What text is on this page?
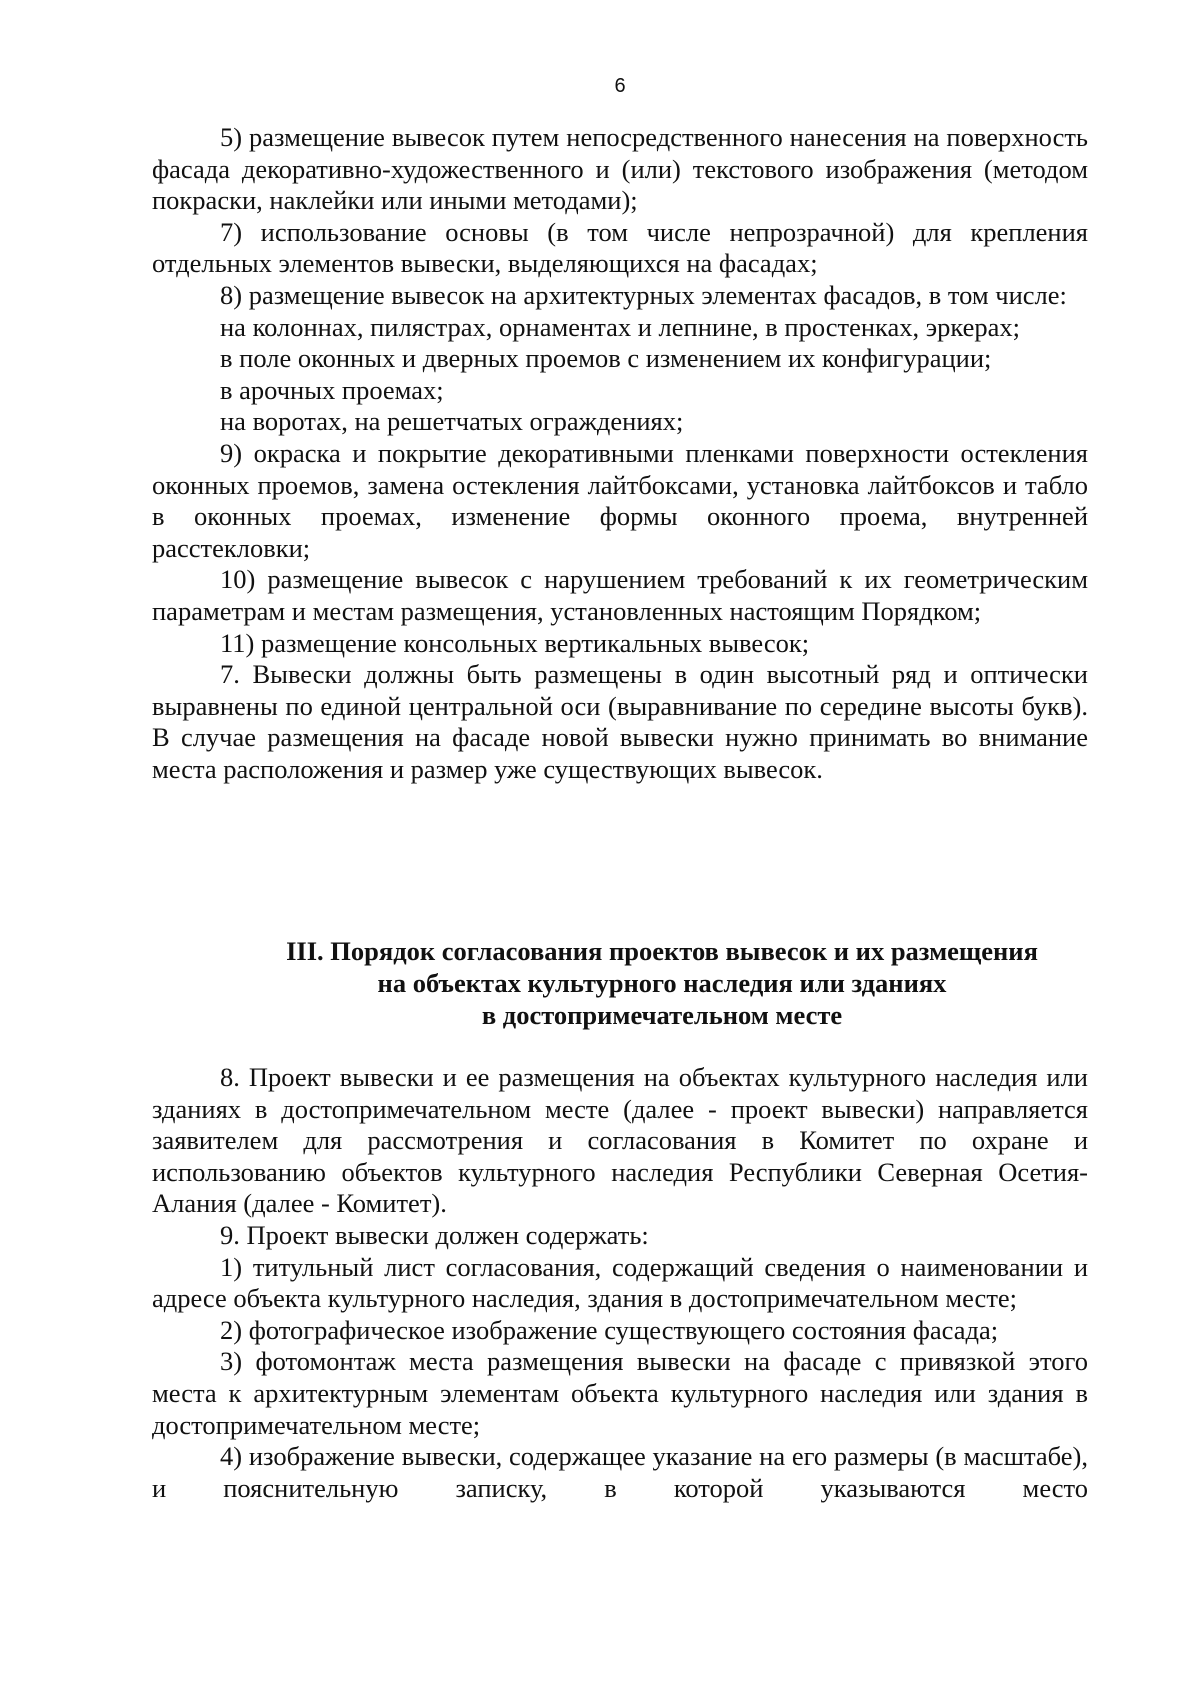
6

5) размещение вывесок путем непосредственного нанесения на поверхность фасада декоративно-художественного и (или) текстового изображения (методом покраски, наклейки или иными методами);

7) использование основы (в том числе непрозрачной) для крепления отдельных элементов вывески, выделяющихся на фасадах;

8) размещение вывесок на архитектурных элементах фасадов, в том числе:

на колоннах, пилястрах, орнаментах и лепнине, в простенках, эркерах;

в поле оконных и дверных проемов с изменением их конфигурации;

в арочных проемах;

на воротах, на решетчатых ограждениях;

9) окраска и покрытие декоративными пленками поверхности остекления оконных проемов, замена остекления лайтбоксами, установка лайтбоксов и табло в оконных проемах, изменение формы оконного проема, внутренней расстекловки;

10) размещение вывесок с нарушением требований к их геометрическим параметрам и местам размещения, установленных настоящим Порядком;

11) размещение консольных вертикальных вывесок;

7. Вывески должны быть размещены в один высотный ряд и оптически выравнены по единой центральной оси (выравнивание по середине высоты букв). В случае размещения на фасаде новой вывески нужно принимать во внимание места расположения и размер уже существующих вывесок.

III. Порядок согласования проектов вывесок и их размещения
на объектах культурного наследия или зданиях
в достопримечательном месте

8. Проект вывески и ее размещения на объектах культурного наследия или зданиях в достопримечательном месте (далее - проект вывески) направляется заявителем для рассмотрения и согласования в Комитет по охране и использованию объектов культурного наследия Республики Северная Осетия-Алания (далее - Комитет).

9. Проект вывески должен содержать:

1) титульный лист согласования, содержащий сведения о наименовании и адресе объекта культурного наследия, здания в достопримечательном месте;

2) фотографическое изображение существующего состояния фасада;

3) фотомонтаж места размещения вывески на фасаде с привязкой этого места к архитектурным элементам объекта культурного наследия или здания в достопримечательном месте;

4) изображение вывески, содержащее указание на его размеры (в масштабе), и пояснительную записку, в которой указываются место
